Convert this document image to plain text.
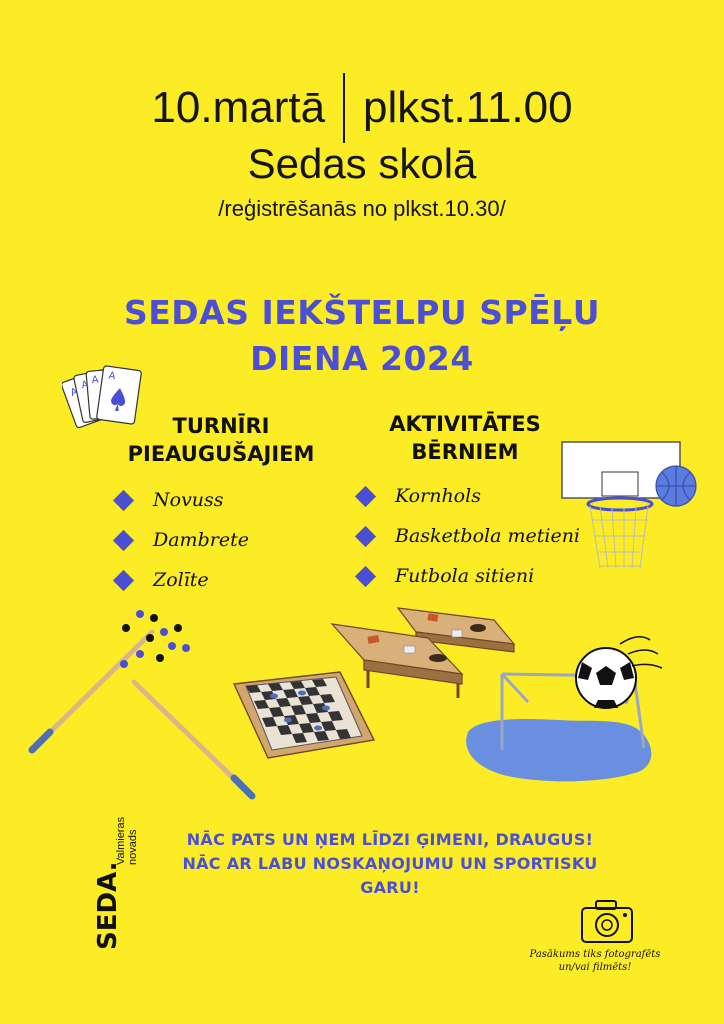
10.martā plkst.11.00
Sedas skolā
/reģistrēšanās no plkst.10.30/
SEDAS IEKŠTELPU SPĒĻU
DIENA 2024
A
A A A
TURNĪRI
PIEAUGUŠAJIEM
Novuss
Dambrete
Zolīte
AKTIVITĀTES
BĒRNIEM
Kornhols
Basketbola metieni
Futbola sitieni
SEDA.
Valmieras novads	NĀC PATS UN ŅEM LĪDZI ĢIMENI, DRAUGUS!
NĀC AR LABU NOSKAŅOJUMU UN SPORTISKU
GARU!
Pasākums tiks fotografēts
un/vai filmēts!
